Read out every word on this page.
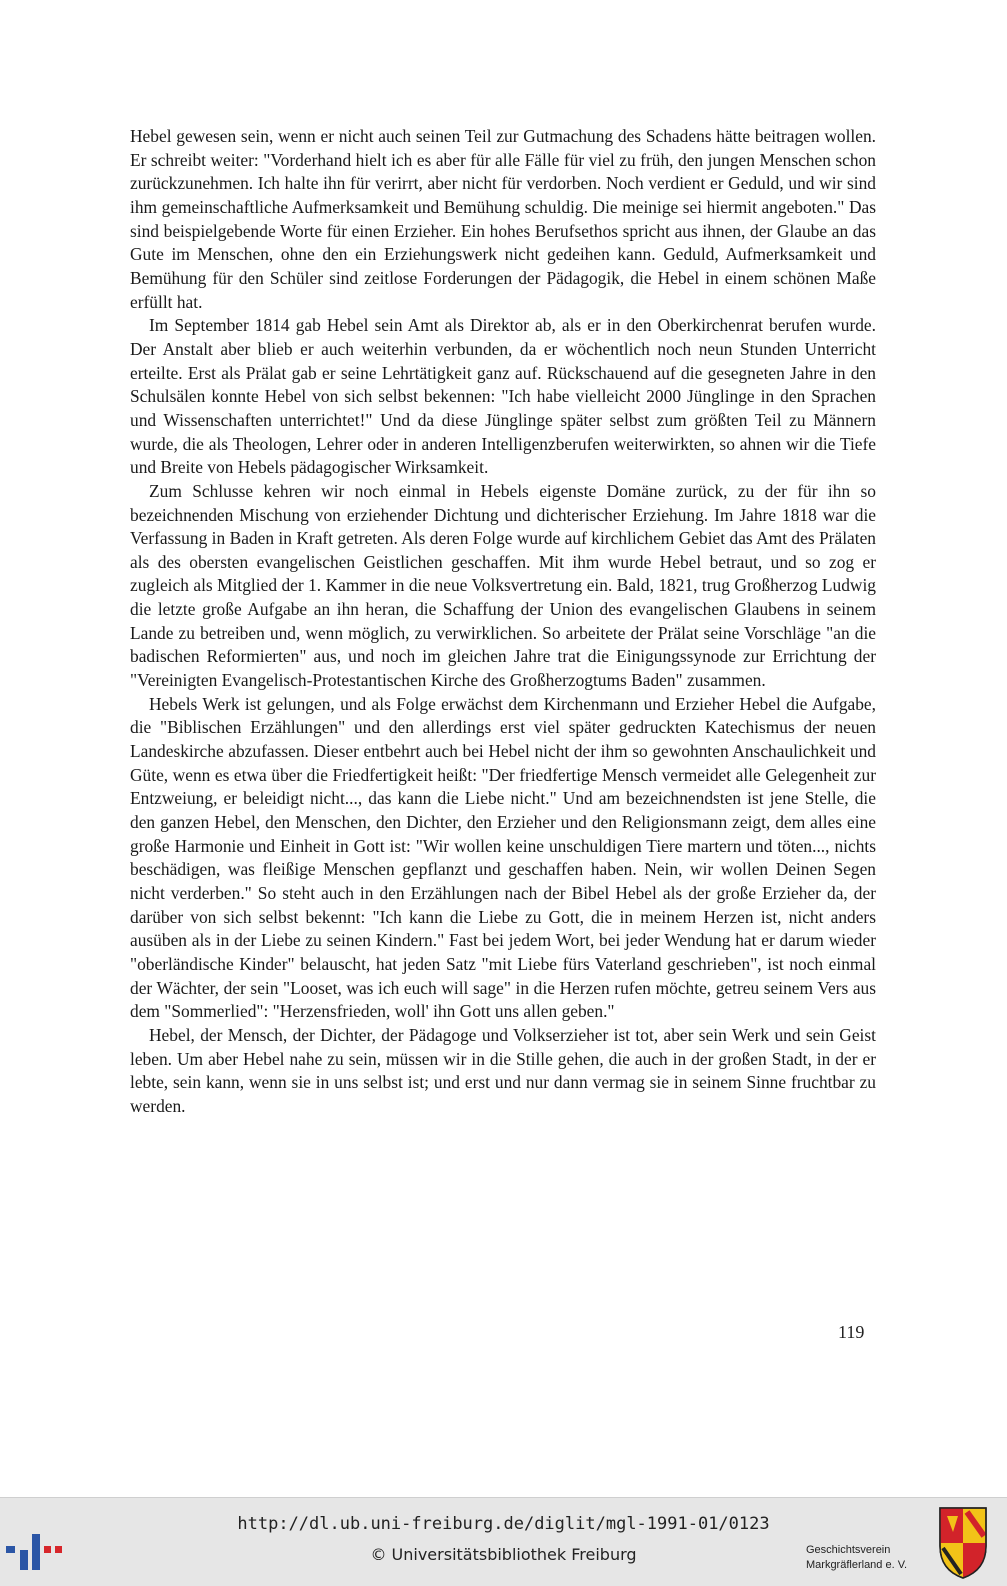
Hebel gewesen sein, wenn er nicht auch seinen Teil zur Gutmachung des Schadens hätte beitragen wollen. Er schreibt weiter: "Vorderhand hielt ich es aber für alle Fälle für viel zu früh, den jungen Menschen schon zurückzunehmen. Ich halte ihn für verirrt, aber nicht für verdorben. Noch verdient er Geduld, und wir sind ihm gemeinschaftliche Aufmerksamkeit und Bemühung schuldig. Die meinige sei hiermit angeboten." Das sind beispielgebende Worte für einen Erzieher. Ein hohes Berufsethos spricht aus ihnen, der Glaube an das Gute im Menschen, ohne den ein Erziehungswerk nicht gedeihen kann. Geduld, Aufmerksamkeit und Bemühung für den Schüler sind zeitlose Forderungen der Pädagogik, die Hebel in einem schönen Maße erfüllt hat.

Im September 1814 gab Hebel sein Amt als Direktor ab, als er in den Oberkirchenrat berufen wurde. Der Anstalt aber blieb er auch weiterhin verbunden, da er wöchentlich noch neun Stunden Unterricht erteilte. Erst als Prälat gab er seine Lehrtätigkeit ganz auf. Rückschauend auf die gesegneten Jahre in den Schulsälen konnte Hebel von sich selbst bekennen: "Ich habe vielleicht 2000 Jünglinge in den Sprachen und Wissenschaften unterrichtet!" Und da diese Jünglinge später selbst zum größten Teil zu Männern wurde, die als Theologen, Lehrer oder in anderen Intelligenzberufen weiterwirkten, so ahnen wir die Tiefe und Breite von Hebels pädagogischer Wirksamkeit.

Zum Schlusse kehren wir noch einmal in Hebels eigenste Domäne zurück, zu der für ihn so bezeichnenden Mischung von erziehender Dichtung und dichterischer Erziehung. Im Jahre 1818 war die Verfassung in Baden in Kraft getreten. Als deren Folge wurde auf kirchlichem Gebiet das Amt des Prälaten als des obersten evangelischen Geistlichen geschaffen. Mit ihm wurde Hebel betraut, und so zog er zugleich als Mitglied der 1. Kammer in die neue Volksvertretung ein. Bald, 1821, trug Großherzog Ludwig die letzte große Aufgabe an ihn heran, die Schaffung der Union des evangelischen Glaubens in seinem Lande zu betreiben und, wenn möglich, zu verwirklichen. So arbeitete der Prälat seine Vorschläge "an die badischen Reformierten" aus, und noch im gleichen Jahre trat die Einigungssynode zur Errichtung der "Vereinigten Evangelisch-Protestantischen Kirche des Großherzogtums Baden" zusammen.

Hebels Werk ist gelungen, und als Folge erwächst dem Kirchenmann und Erzieher Hebel die Aufgabe, die "Biblischen Erzählungen" und den allerdings erst viel später gedruckten Katechismus der neuen Landeskirche abzufassen. Dieser entbehrt auch bei Hebel nicht der ihm so gewohnten Anschaulichkeit und Güte, wenn es etwa über die Friedfertigkeit heißt: "Der friedfertige Mensch vermeidet alle Gelegenheit zur Entzweiung, er beleidigt nicht..., das kann die Liebe nicht." Und am bezeichnendsten ist jene Stelle, die den ganzen Hebel, den Menschen, den Dichter, den Erzieher und den Religionsmann zeigt, dem alles eine große Harmonie und Einheit in Gott ist: "Wir wollen keine unschuldigen Tiere martern und töten..., nichts beschädigen, was fleißige Menschen gepflanzt und geschaffen haben. Nein, wir wollen Deinen Segen nicht verderben." So steht auch in den Erzählungen nach der Bibel Hebel als der große Erzieher da, der darüber von sich selbst bekennt: "Ich kann die Liebe zu Gott, die in meinem Herzen ist, nicht anders ausüben als in der Liebe zu seinen Kindern." Fast bei jedem Wort, bei jeder Wendung hat er darum wieder "oberländische Kinder" belauscht, hat jeden Satz "mit Liebe fürs Vaterland geschrieben", ist noch einmal der Wächter, der sein "Looset, was ich euch will sage" in die Herzen rufen möchte, getreu seinem Vers aus dem "Sommerlied": "Herzensfrieden, woll' ihn Gott uns allen geben."

Hebel, der Mensch, der Dichter, der Pädagoge und Volkserzieher ist tot, aber sein Werk und sein Geist leben. Um aber Hebel nahe zu sein, müssen wir in die Stille gehen, die auch in der großen Stadt, in der er lebte, sein kann, wenn sie in uns selbst ist; und erst und nur dann vermag sie in seinem Sinne fruchtbar zu werden.

119
http://dl.ub.uni-freiburg.de/diglit/mgl-1991-01/0123
© Universitätsbibliothek Freiburg	Geschichtsverein
Markgräflerland e. V.
